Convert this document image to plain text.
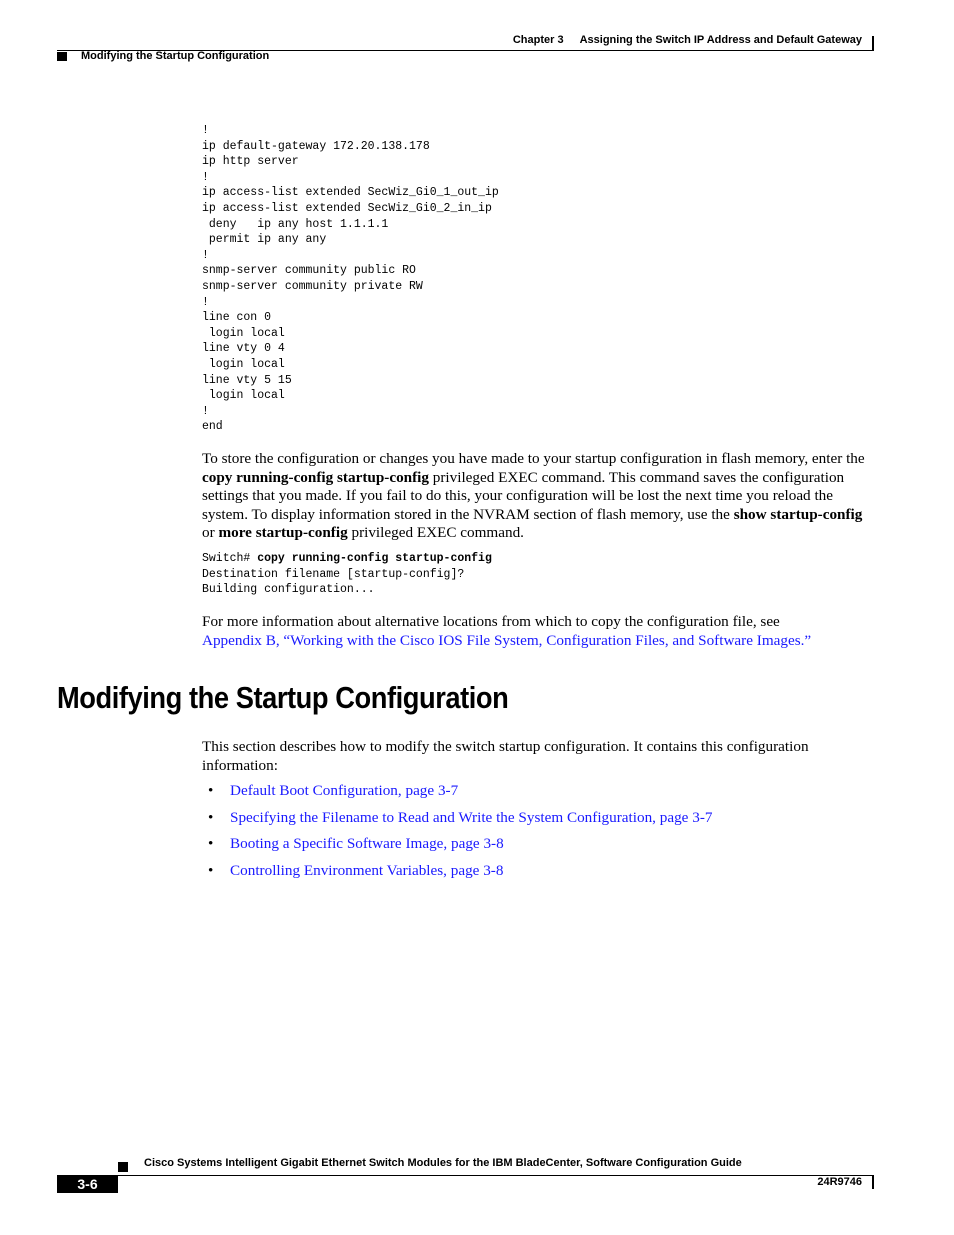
Chapter 3 Assigning the Switch IP Address and Default Gateway
Modifying the Startup Configuration
!
ip default-gateway 172.20.138.178
ip http server
!
ip access-list extended SecWiz_Gi0_1_out_ip
ip access-list extended SecWiz_Gi0_2_in_ip
deny   ip any host 1.1.1.1
permit ip any any
!
snmp-server community public RO
snmp-server community private RW
!
line con 0
login local
line vty 0 4
login local
line vty 5 15
login local
!
end
To store the configuration or changes you have made to your startup configuration in flash memory, enter the copy running-config startup-config privileged EXEC command. This command saves the configuration settings that you made. If you fail to do this, your configuration will be lost the next time you reload the system. To display information stored in the NVRAM section of flash memory, use the show startup-config or more startup-config privileged EXEC command.
Switch# copy running-config startup-config
Destination filename [startup-config]?
Building configuration...
For more information about alternative locations from which to copy the configuration file, see
Appendix B, “Working with the Cisco IOS File System, Configuration Files, and Software Images.”
Modifying the Startup Configuration
This section describes how to modify the switch startup configuration. It contains this configuration information:
• Default Boot Configuration, page 3-7
• Specifying the Filename to Read and Write the System Configuration, page 3-7
• Booting a Specific Software Image, page 3-8
• Controlling Environment Variables, page 3-8
Cisco Systems Intelligent Gigabit Ethernet Switch Modules for the IBM BladeCenter, Software Configuration Guide
3-6	24R9746
